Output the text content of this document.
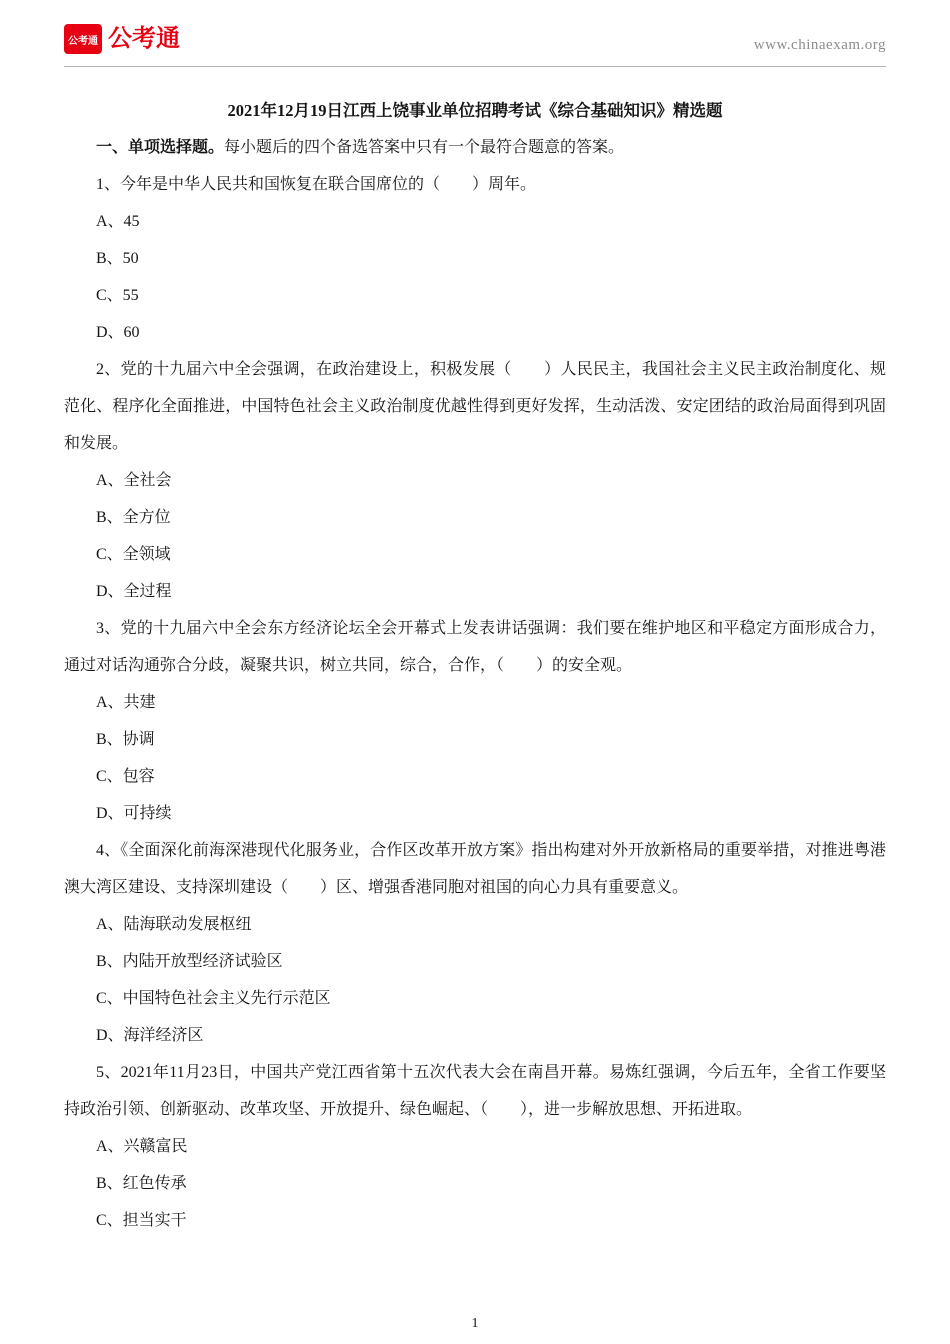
公考通 公考通	www.chinaexam.org
2021年12月19日江西上饶事业单位招聘考试《综合基础知识》精选题

一、单项选择题。每小题后的四个备选答案中只有一个最符合题意的答案。

1、今年是中华人民共和国恢复在联合国席位的（　　）周年。

A、45

B、50

C、55

D、60

2、党的十九届六中全会强调，在政治建设上，积极发展（　　）人民民主，我国社会主义民主政治制度化、规范化、程序化全面推进，中国特色社会主义政治制度优越性得到更好发挥，生动活泼、安定团结的政治局面得到巩固和发展。

A、全社会

B、全方位

C、全领域

D、全过程

3、党的十九届六中全会东方经济论坛全会开幕式上发表讲话强调：我们要在维护地区和平稳定方面形成合力，通过对话沟通弥合分歧，凝聚共识，树立共同，综合，合作，（　　）的安全观。

A、共建

B、协调

C、包容

D、可持续

4、《全面深化前海深港现代化服务业，合作区改革开放方案》指出构建对外开放新格局的重要举措，对推进粤港澳大湾区建设、支持深圳建设（　　）区、增强香港同胞对祖国的向心力具有重要意义。

A、陆海联动发展枢纽

B、内陆开放型经济试验区

C、中国特色社会主义先行示范区

D、海洋经济区

5、2021年11月23日，中国共产党江西省第十五次代表大会在南昌开幕。易炼红强调，今后五年，全省工作要坚持政治引领、创新驱动、改革攻坚、开放提升、绿色崛起、（　　），进一步解放思想、开拓进取。

A、兴赣富民

B、红色传承

C、担当实干

1
